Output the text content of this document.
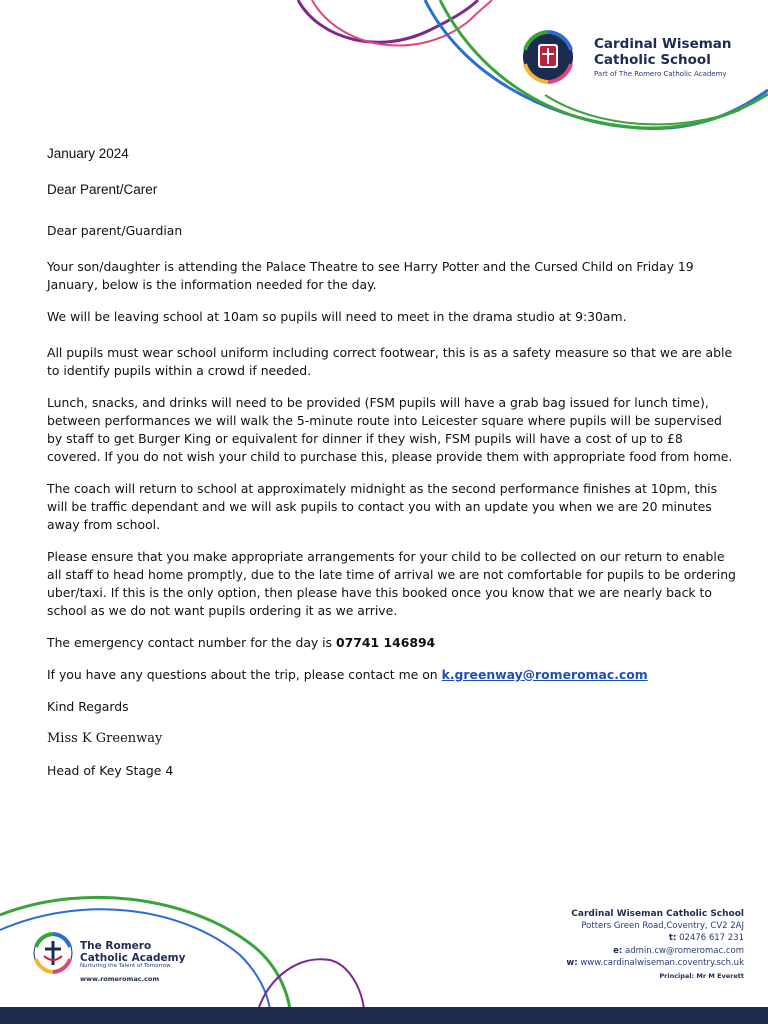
Cardinal Wiseman
Catholic School
Part of The Romero Catholic Academy
January 2024
Dear Parent/Carer

Dear parent/Guardian

Your son/daughter is attending the Palace Theatre to see Harry Potter and the Cursed Child on Friday 19 January, below is the information needed for the day.

We will be leaving school at 10am so pupils will need to meet in the drama studio at 9:30am.

All pupils must wear school uniform including correct footwear, this is as a safety measure so that we are able to identify pupils within a crowd if needed.

Lunch, snacks, and drinks will need to be provided (FSM pupils will have a grab bag issued for lunch time), between performances we will walk the 5-minute route into Leicester square where pupils will be supervised by staff to get Burger King or equivalent for dinner if they wish, FSM pupils will have a cost of up to £8 covered. If you do not wish your child to purchase this, please provide them with appropriate food from home.

The coach will return to school at approximately midnight as the second performance finishes at 10pm, this will be traffic dependant and we will ask pupils to contact you with an update you when we are 20 minutes away from school.

Please ensure that you make appropriate arrangements for your child to be collected on our return to enable all staff to head home promptly, due to the late time of arrival we are not comfortable for pupils to be ordering uber/taxi. If this is the only option, then please have this booked once you know that we are nearly back to school as we do not want pupils ordering it as we arrive.

The emergency contact number for the day is 07741 146894

If you have any questions about the trip, please contact me on k.greenway@romeromac.com

Kind Regards

Miss K Greenway

Head of Key Stage 4

The Romero
Catholic Academy
Nurturing the Talent of Tomorrow
www.romeromac.com
Cardinal Wiseman Catholic School
Potters Green Road,Coventry, CV2 2AJ
t: 02476 617 231
e: admin.cw@romeromac.com
w: www.cardinalwiseman.coventry.sch.uk
Principal: Mr M Everett
